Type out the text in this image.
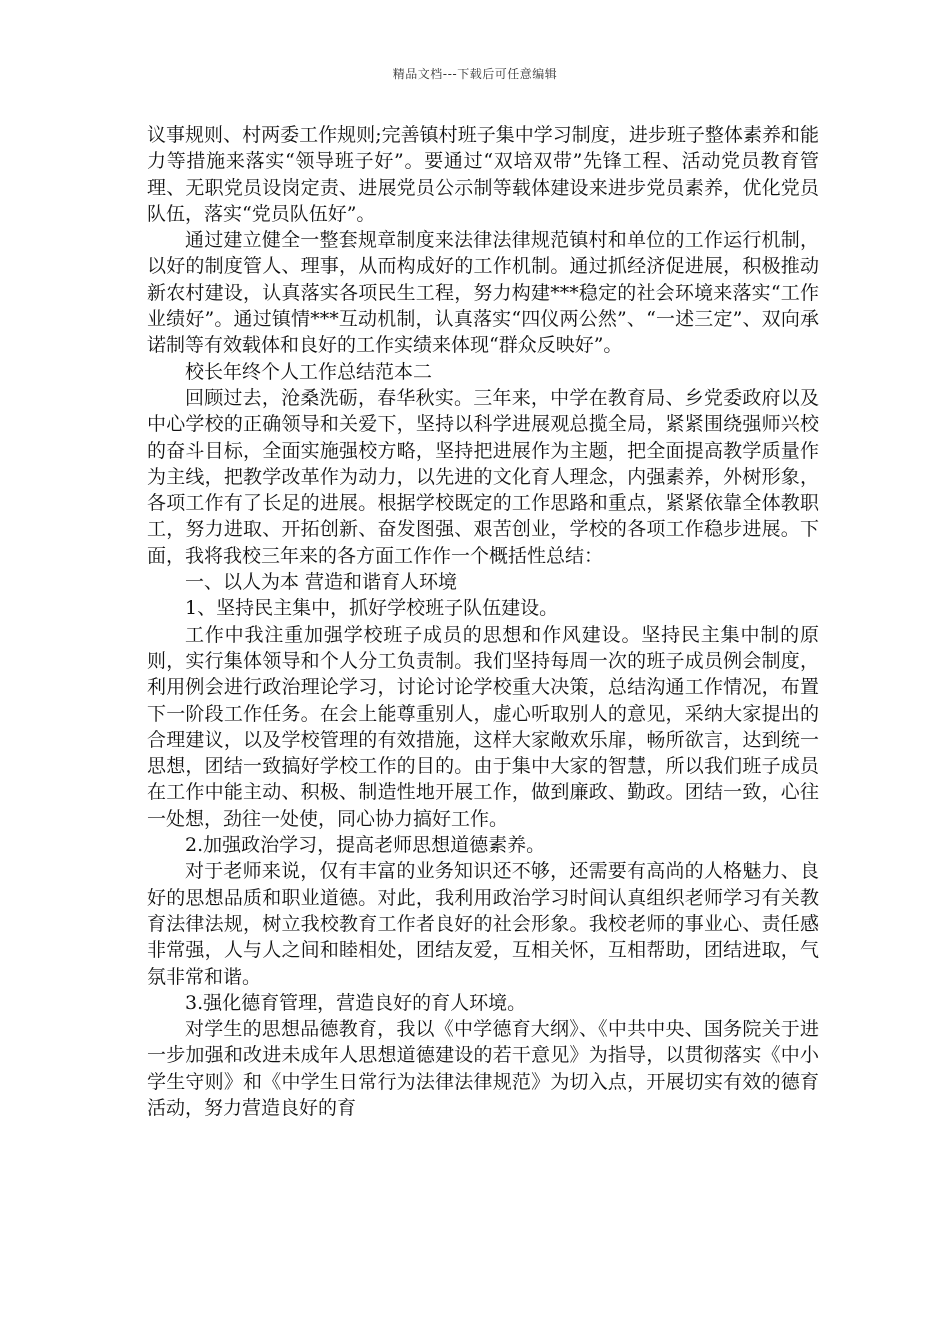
精品文档---下载后可任意编辑

议事规则、村两委工作规则;完善镇村班子集中学习制度，进步班子整体素养和能力等措施来落实“领导班子好”。要通过“双培双带”先锋工程、活动党员教育管理、无职党员设岗定责、进展党员公示制等载体建设来进步党员素养，优化党员队伍，落实“党员队伍好”。

通过建立健全一整套规章制度来法律法律规范镇村和单位的工作运行机制，以好的制度管人、理事，从而构成好的工作机制。通过抓经济促进展，积极推动新农村建设，认真落实各项民生工程，努力构建***稳定的社会环境来落实“工作业绩好”。通过镇情***互动机制，认真落实“四仪两公然”、“一述三定”、双向承诺制等有效载体和良好的工作实绩来体现“群众反映好”。

校长年终个人工作总结范本二

回顾过去，沧桑洗砺，春华秋实。三年来，中学在教育局、乡党委政府以及中心学校的正确领导和关爱下，坚持以科学进展观总揽全局，紧紧围绕强师兴校的奋斗目标，全面实施强校方略，坚持把进展作为主题，把全面提高教学质量作为主线，把教学改革作为动力，以先进的文化育人理念，内强素养，外树形象，各项工作有了长足的进展。根据学校既定的工作思路和重点，紧紧依靠全体教职工，努力进取、开拓创新、奋发图强、艰苦创业，学校的各项工作稳步进展。下面，我将我校三年来的各方面工作作一个概括性总结：

一、以人为本 营造和谐育人环境

1、坚持民主集中，抓好学校班子队伍建设。

工作中我注重加强学校班子成员的思想和作风建设。坚持民主集中制的原则，实行集体领导和个人分工负责制。我们坚持每周一次的班子成员例会制度，利用例会进行政治理论学习，讨论讨论学校重大决策，总结沟通工作情况，布置下一阶段工作任务。在会上能尊重别人，虚心听取别人的意见，采纳大家提出的合理建议，以及学校管理的有效措施，这样大家敞欢乐扉，畅所欲言，达到统一思想，团结一致搞好学校工作的目的。由于集中大家的智慧，所以我们班子成员在工作中能主动、积极、制造性地开展工作，做到廉政、勤政。团结一致，心往一处想，劲往一处使，同心协力搞好工作。

2.加强政治学习，提高老师思想道德素养。

对于老师来说，仅有丰富的业务知识还不够，还需要有高尚的人格魅力、良好的思想品质和职业道德。对此，我利用政治学习时间认真组织老师学习有关教育法律法规，树立我校教育工作者良好的社会形象。我校老师的事业心、责任感非常强，人与人之间和睦相处，团结友爱，互相关怀，互相帮助，团结进取，气氛非常和谐。

3.强化德育管理，营造良好的育人环境。

对学生的思想品德教育，我以《中学德育大纲》、《中共中央、国务院关于进一步加强和改进未成年人思想道德建设的若干意见》为指导，以贯彻落实《中小学生守则》和《中学生日常行为法律法律规范》为切入点，开展切实有效的德育活动，努力营造良好的育
